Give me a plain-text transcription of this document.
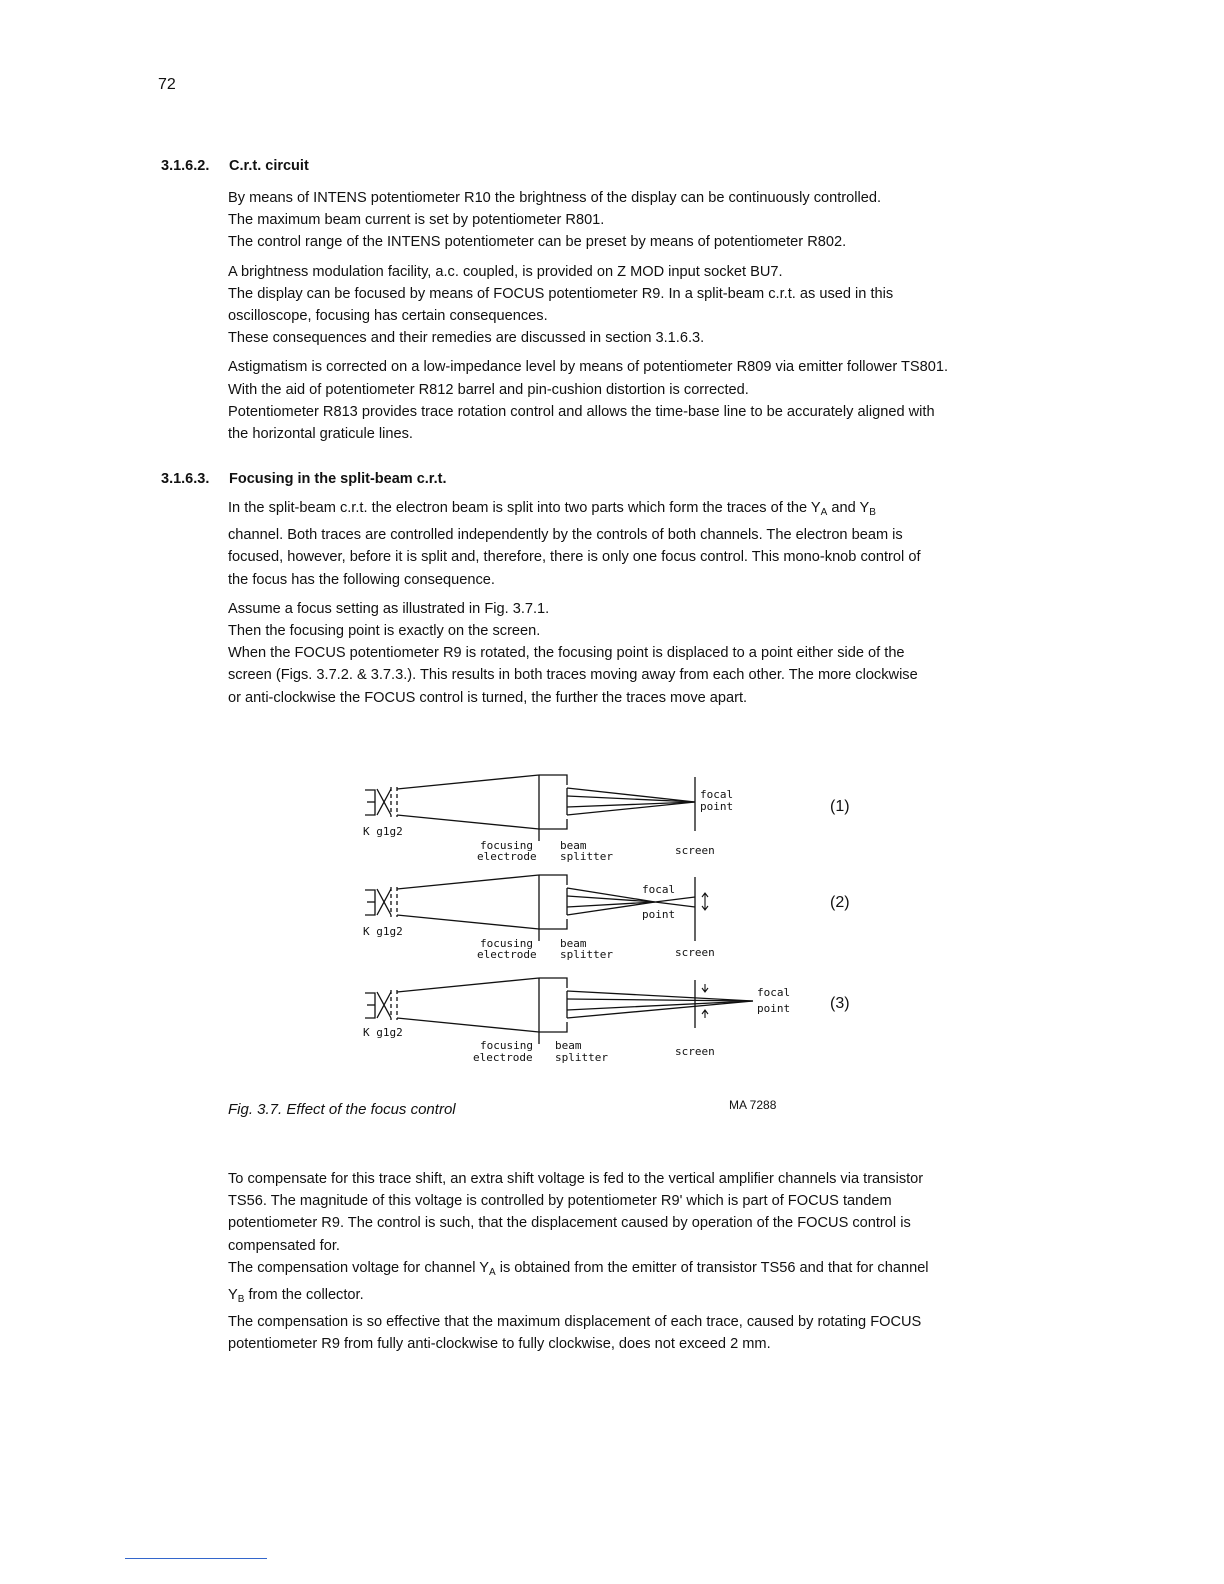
72
3.1.6.2. C.r.t. circuit
By means of INTENS potentiometer R10 the brightness of the display can be continuously controlled.
The maximum beam current is set by potentiometer R801.
The control range of the INTENS potentiometer can be preset by means of potentiometer R802.
A brightness modulation facility, a.c. coupled, is provided on Z MOD input socket BU7.
The display can be focused by means of FOCUS potentiometer R9. In a split-beam c.r.t. as used in this
oscilloscope, focusing has certain consequences.
These consequences and their remedies are discussed in section 3.1.6.3.
Astigmatism is corrected on a low-impedance level by means of potentiometer R809 via emitter follower TS801.
With the aid of potentiometer R812 barrel and pin-cushion distortion is corrected.
Potentiometer R813 provides trace rotation control and allows the time-base line to be accurately aligned with
the horizontal graticule lines.
3.1.6.3. Focusing in the split-beam c.r.t.
In the split-beam c.r.t. the electron beam is split into two parts which form the traces of the $Y_A$ and $Y_B$
channel. Both traces are controlled independently by the controls of both channels. The electron beam is
focused, however, before it is split and, therefore, there is only one focus control. This mono-knob control of
the focus has the following consequence.
Assume a focus setting as illustrated in Fig. 3.7.1.
Then the focusing point is exactly on the screen.
When the FOCUS potentiometer R9 is rotated, the focusing point is displaced to a point either side of the
screen (Figs. 3.7.2. & 3.7.3.). This results in both traces moving away from each other. The more clockwise
or anti-clockwise the FOCUS control is turned, the further the traces move apart.
focal
point
K g1g2
focusing
electrode
beam
splitter	screen
(1)
focal
point
K g1g2
focusing
electrode
beam
splitter	screen
(2)
focal
point
K g1g2
focusing
electrode
beam
splitter	screen
(3)
Fig. 3.7. Effect of the focus control	MA 7288
To compensate for this trace shift, an extra shift voltage is fed to the vertical amplifier channels via transistor
TS56. The magnitude of this voltage is controlled by potentiometer R9' which is part of FOCUS tandem
potentiometer R9. The control is such, that the displacement caused by operation of the FOCUS control is
compensated for.
The compensation voltage for channel $Y_A$ is obtained from the emitter of transistor TS56 and that for channel
$Y_B$ from the collector.
The compensation is so effective that the maximum displacement of each trace, caused by rotating FOCUS
potentiometer R9 from fully anti-clockwise to fully clockwise, does not exceed 2 mm.
